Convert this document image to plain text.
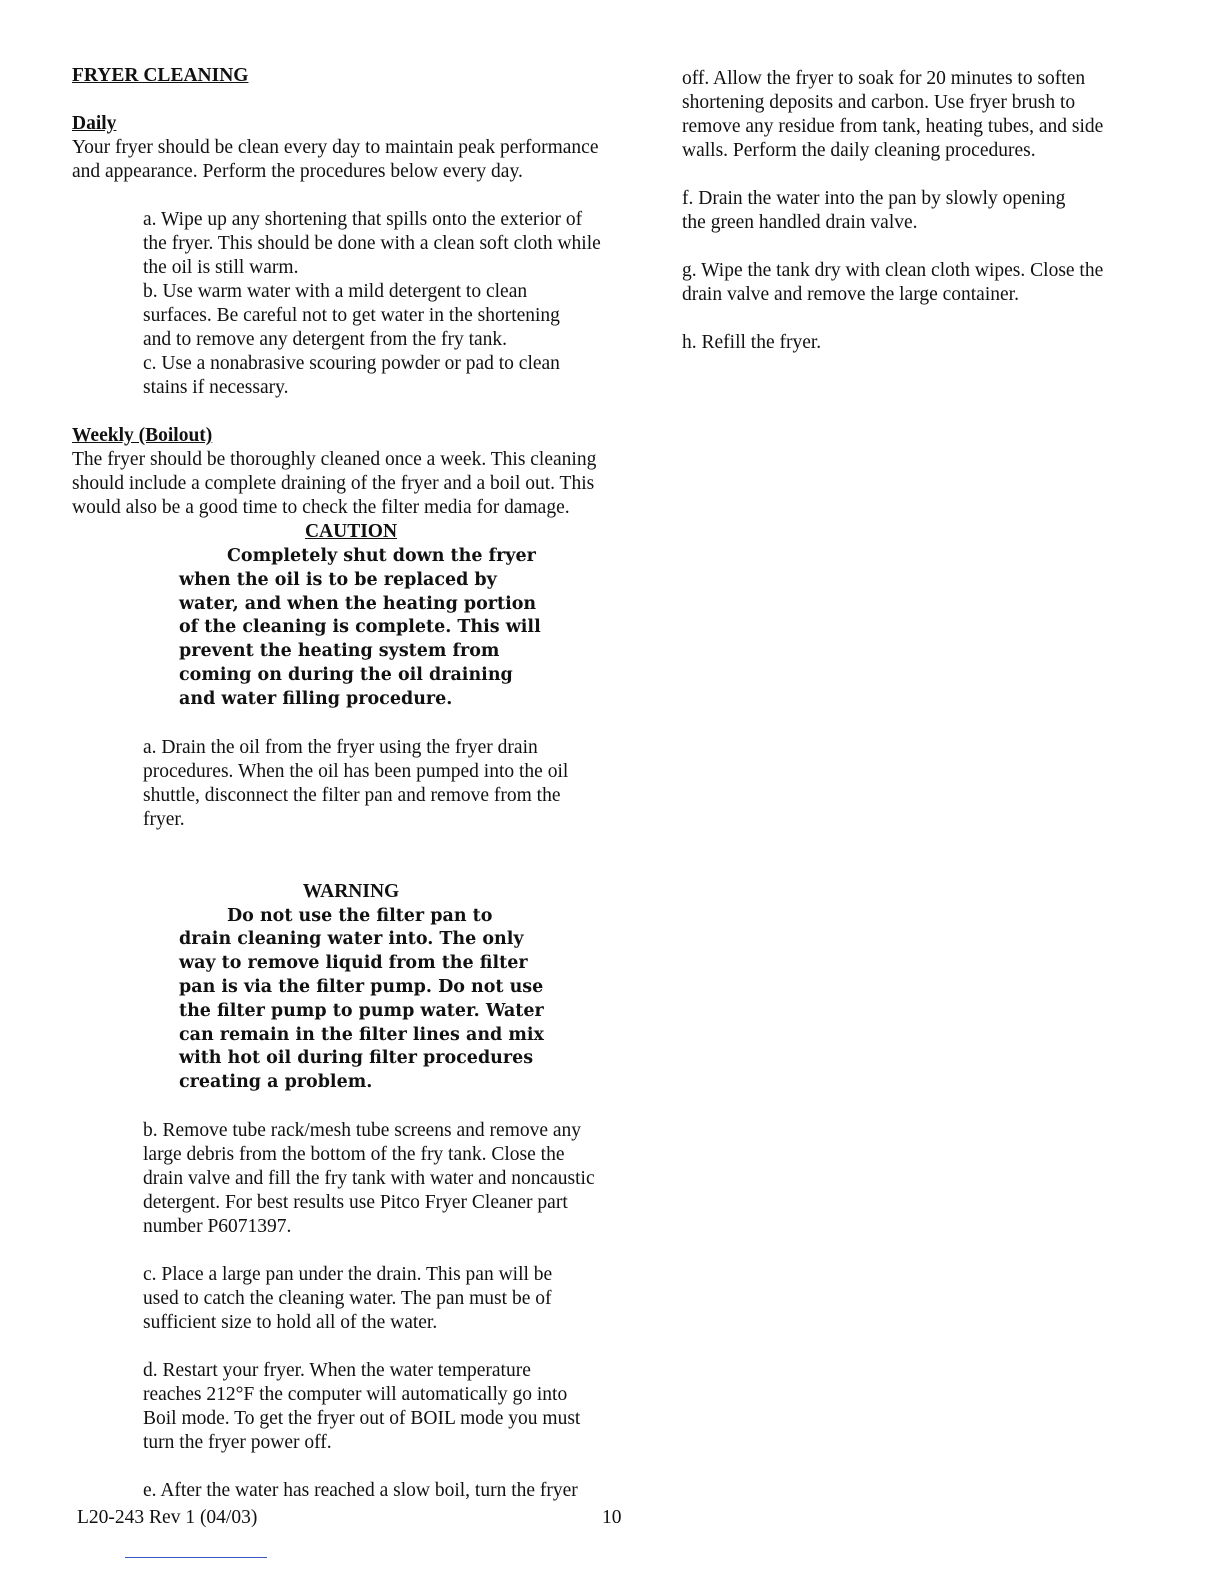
FRYER CLEANING
Daily

Your fryer should be clean every day to maintain peak performance and appearance. Perform the procedures below every day.

a. Wipe up any shortening that spills onto the exterior of the fryer. This should be done with a clean soft cloth while the oil is still warm.

b. Use warm water with a mild detergent to clean surfaces. Be careful not to get water in the shortening and to remove any detergent from the fry tank.

c. Use a nonabrasive scouring powder or pad to clean stains if necessary.

Weekly (Boilout)

The fryer should be thoroughly cleaned once a week. This cleaning should include a complete draining of the fryer and a boil out. This would also be a good time to check the filter media for damage.

CAUTION

Completely shut down the fryer when the oil is to be replaced by water, and when the heating portion of the cleaning is complete. This will prevent the heating system from coming on during the oil draining and water filling procedure.

a. Drain the oil from the fryer using the fryer drain procedures. When the oil has been pumped into the oil shuttle, disconnect the filter pan and remove from the fryer.

WARNING

Do not use the filter pan to drain cleaning water into. The only way to remove liquid from the filter pan is via the filter pump. Do not use the filter pump to pump water. Water can remain in the filter lines and mix with hot oil during filter procedures creating a problem.

b. Remove tube rack/mesh tube screens and remove any large debris from the bottom of the fry tank. Close the drain valve and fill the fry tank with water and noncaustic detergent. For best results use Pitco Fryer Cleaner part number P6071397.

c. Place a large pan under the drain. This pan will be used to catch the cleaning water. The pan must be of sufficient size to hold all of the water.

d. Restart your fryer. When the water temperature reaches 212°F the computer will automatically go into Boil mode. To get the fryer out of BOIL mode you must turn the fryer power off.

e. After the water has reached a slow boil, turn the fryer

off. Allow the fryer to soak for 20 minutes to soften shortening deposits and carbon. Use fryer brush to remove any residue from tank, heating tubes, and side walls. Perform the daily cleaning procedures.

f. Drain the water into the pan by slowly opening the green handled drain valve.

g. Wipe the tank dry with clean cloth wipes. Close the drain valve and remove the large container.

h. Refill the fryer.

L20-243 Rev 1 (04/03)	10
